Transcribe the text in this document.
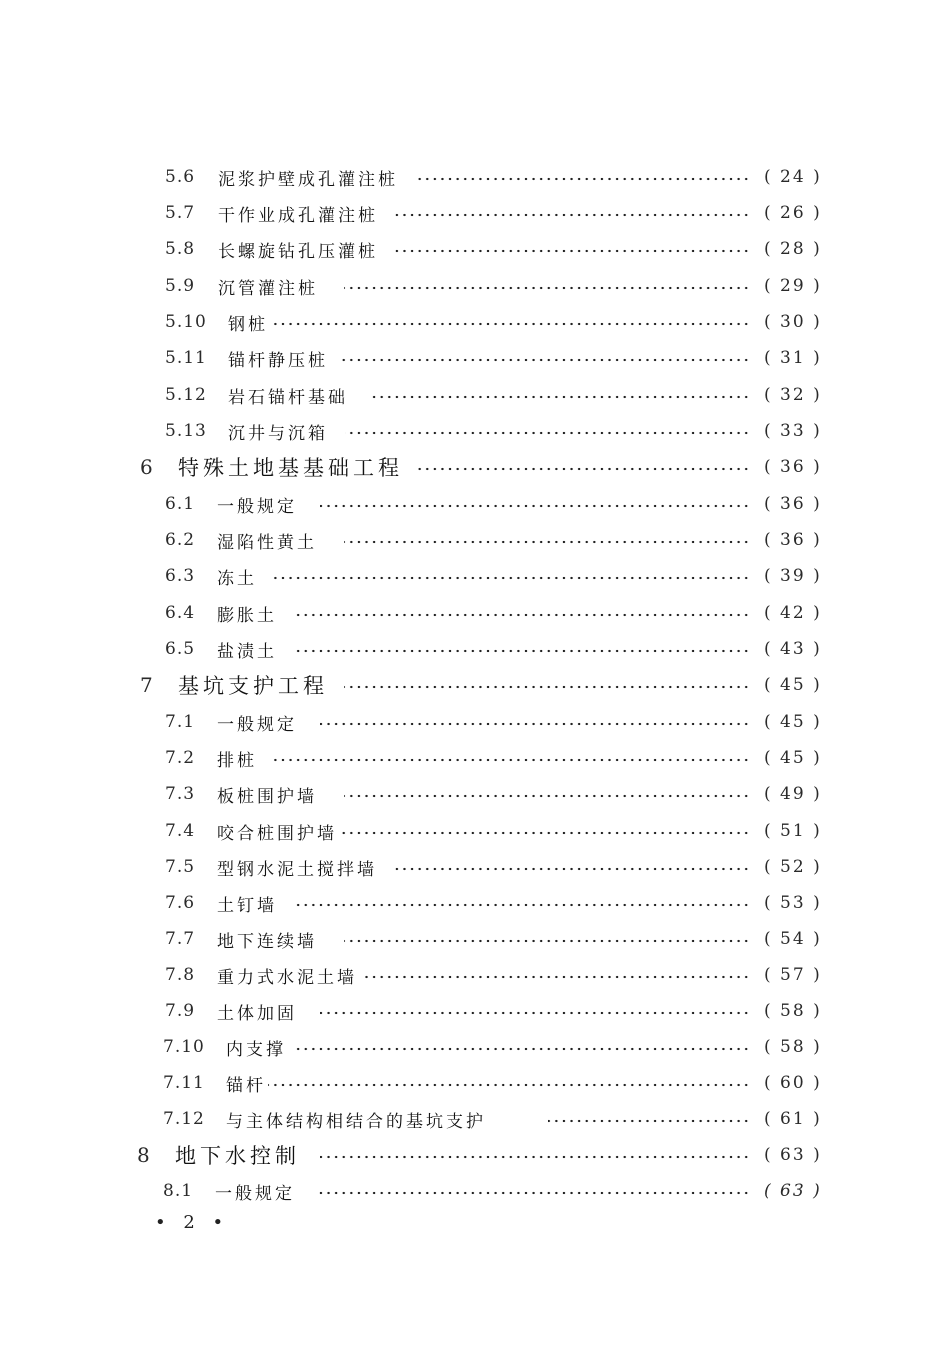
5.6 泥浆护壁成孔灌注桩	( 24 )
5.7 干作业成孔灌注桩	( 26 )
5.8 长螺旋钻孔压灌桩	( 28 )
5.9 沉管灌注桩	( 29 )
5.10 钢桩	( 30 )
5.11 锚杆静压桩	( 31 )
5.12 岩石锚杆基础	( 32 )
5.13 沉井与沉箱	( 33 )
6 特殊土地基基础工程	( 36 )
6.1 一般规定	( 36 )
6.2 湿陷性黄土	( 36 )
6.3 冻土	( 39 )
6.4 膨胀土	( 42 )
6.5 盐渍土	( 43 )
7 基坑支护工程	( 45 )
7.1 一般规定	( 45 )
7.2 排桩	( 45 )
7.3 板桩围护墙	( 49 )
7.4 咬合桩围护墙	( 51 )
7.5 型钢水泥土搅拌墙	( 52 )
7.6 土钉墙	( 53 )
7.7 地下连续墙	( 54 )
7.8 重力式水泥土墙	( 57 )
7.9 土体加固	( 58 )
7.10 内支撑	( 58 )
7.11 锚杆	( 60 )
7.12 与主体结构相结合的基坑支护	( 61 )
8 地下水控制	( 63 )
8.1 一般规定	( 63 )
• 2 •
